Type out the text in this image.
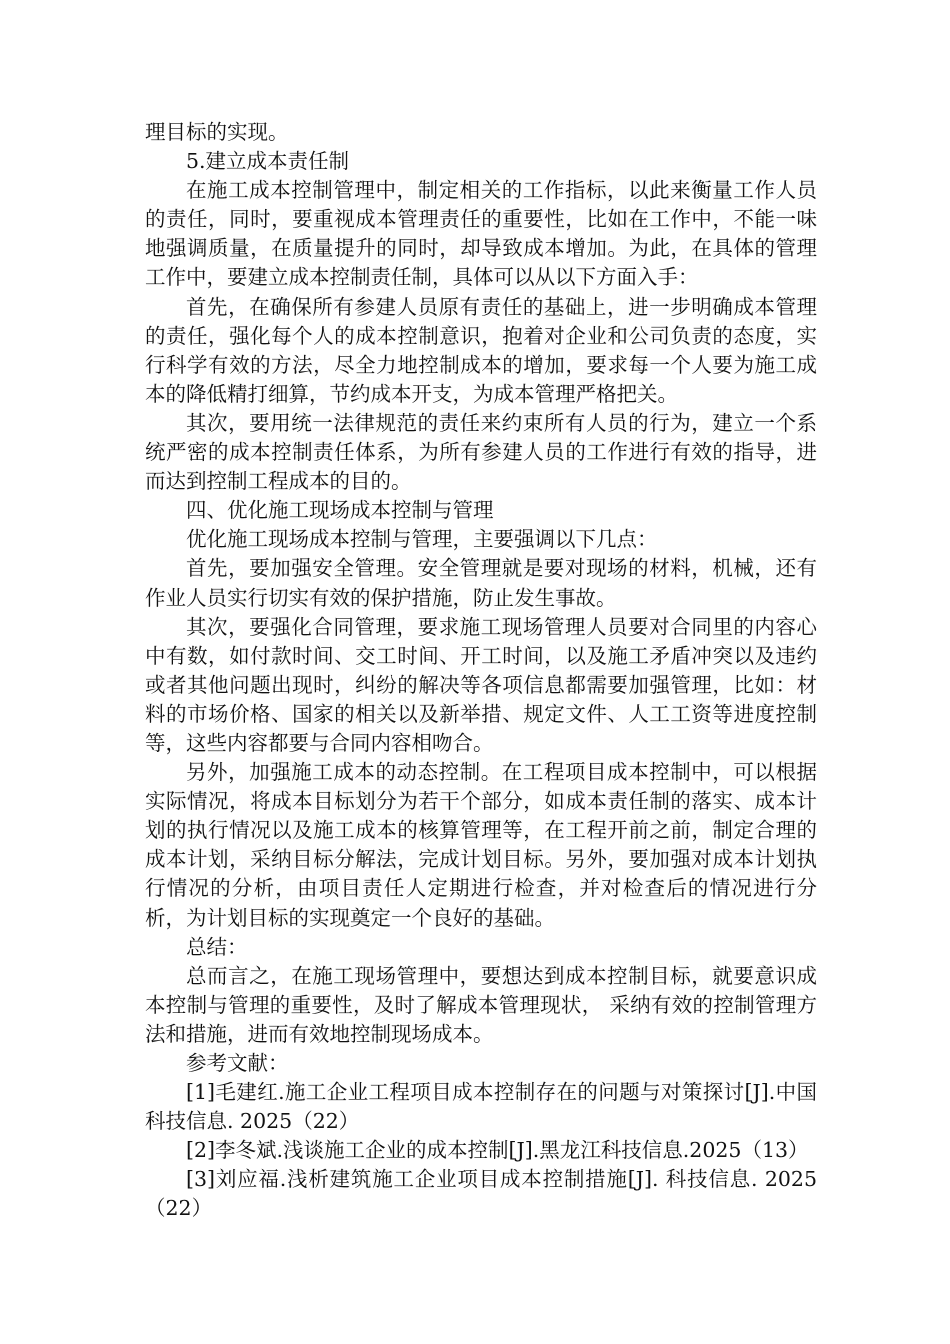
理目标的实现。

5.建立成本责任制

在施工成本控制管理中，制定相关的工作指标，以此来衡量工作人员的责任，同时，要重视成本管理责任的重要性，比如在工作中，不能一味地强调质量，在质量提升的同时，却导致成本增加。为此，在具体的管理工作中，要建立成本控制责任制，具体可以从以下方面入手：

首先，在确保所有参建人员原有责任的基础上，进一步明确成本管理的责任，强化每个人的成本控制意识，抱着对企业和公司负责的态度，实行科学有效的方法，尽全力地控制成本的增加，要求每一个人要为施工成本的降低精打细算，节约成本开支，为成本管理严格把关。

其次，要用统一法律规范的责任来约束所有人员的行为，建立一个系统严密的成本控制责任体系，为所有参建人员的工作进行有效的指导，进而达到控制工程成本的目的。

四、优化施工现场成本控制与管理

优化施工现场成本控制与管理，主要强调以下几点：

首先，要加强安全管理。安全管理就是要对现场的材料，机械，还有作业人员实行切实有效的保护措施，防止发生事故。

其次，要强化合同管理，要求施工现场管理人员要对合同里的内容心中有数，如付款时间、交工时间、开工时间，以及施工矛盾冲突以及违约或者其他问题出现时，纠纷的解决等各项信息都需要加强管理，比如：材料的市场价格、国家的相关以及新举措、规定文件、人工工资等进度控制等，这些内容都要与合同内容相吻合。

另外，加强施工成本的动态控制。在工程项目成本控制中，可以根据实际情况，将成本目标划分为若干个部分，如成本责任制的落实、成本计划的执行情况以及施工成本的核算管理等，在工程开前之前，制定合理的成本计划，采纳目标分解法，完成计划目标。另外，要加强对成本计划执行情况的分析，由项目责任人定期进行检查，并对检查后的情况进行分析，为计划目标的实现奠定一个良好的基础。

总结：

总而言之，在施工现场管理中，要想达到成本控制目标，就要意识成本控制与管理的重要性，及时了解成本管理现状， 采纳有效的控制管理方法和措施，进而有效地控制现场成本。

参考文献：

[1]毛建红.施工企业工程项目成本控制存在的问题与对策探讨[J].中国科技信息. 2025（22）

[2]李冬斌.浅谈施工企业的成本控制[J].黑龙江科技信息.2025（13）

[3]刘应福.浅析建筑施工企业项目成本控制措施[J]. 科技信息. 2025（22）
